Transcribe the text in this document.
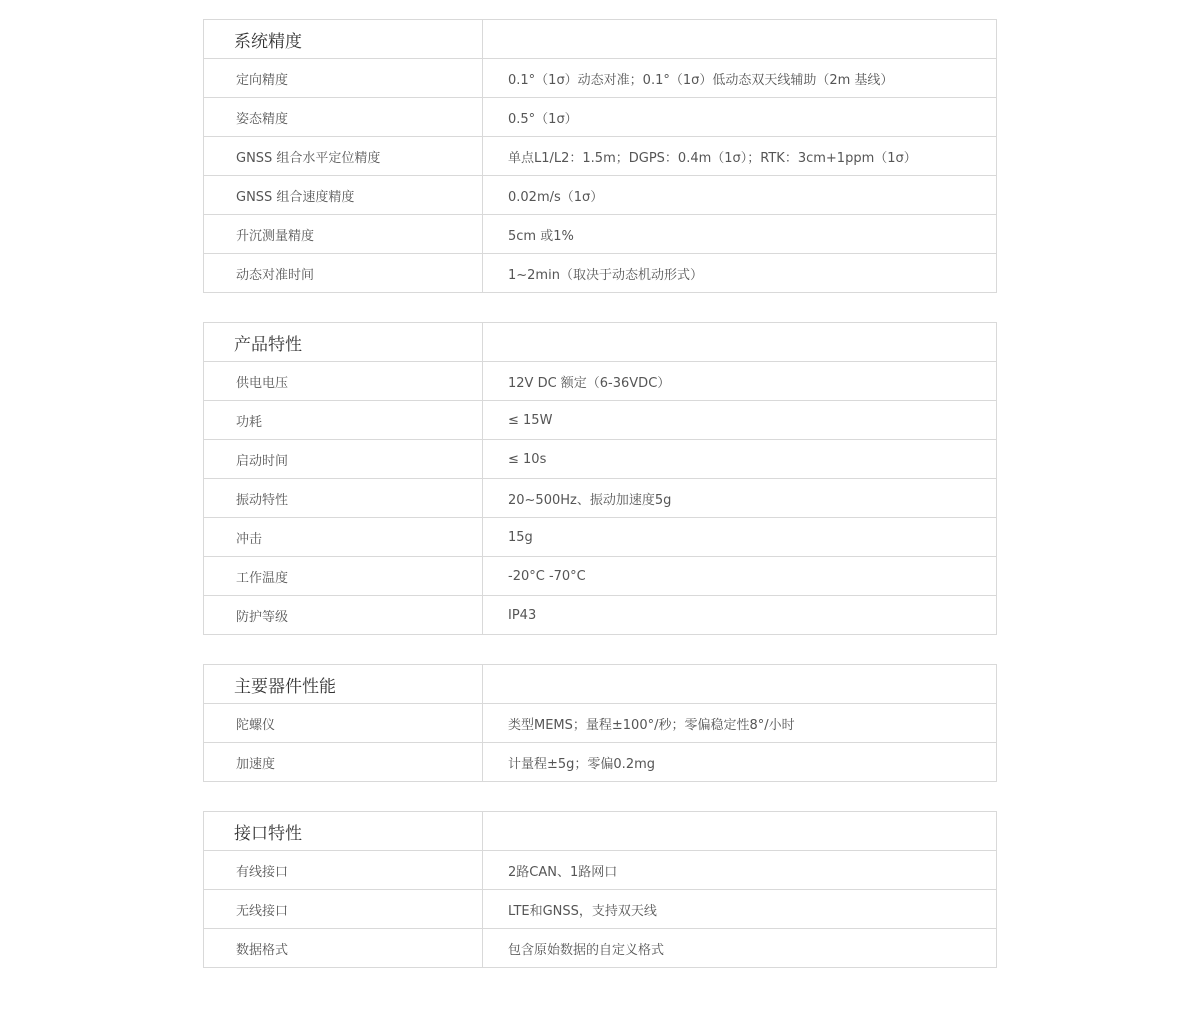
系统精度	
定向精度	0.1°（1σ）动态对准；0.1°（1σ）低动态双天线辅助（2m 基线）
姿态精度	0.5°（1σ）
GNSS 组合水平定位精度	单点L1/L2：1.5m；DGPS：0.4m（1σ）；RTK：3cm+1ppm（1σ）
GNSS 组合速度精度	0.02m/s（1σ）
升沉测量精度	5cm 或1%
动态对准时间	1~2min（取决于动态机动形式）
产品特性	
供电电压	12V DC 额定（6-36VDC）
功耗	≤ 15W
启动时间	≤ 10s
振动特性	20~500Hz、振动加速度5g
冲击	15g
工作温度	-20°C -70°C
防护等级	IP43
主要器件性能	
陀螺仪	类型MEMS；量程±100°/秒；零偏稳定性8°/小时
加速度	计量程±5g；零偏0.2mg
接口特性	
有线接口	2路CAN、1路网口
无线接口	LTE和GNSS，支持双天线
数据格式	包含原始数据的自定义格式
